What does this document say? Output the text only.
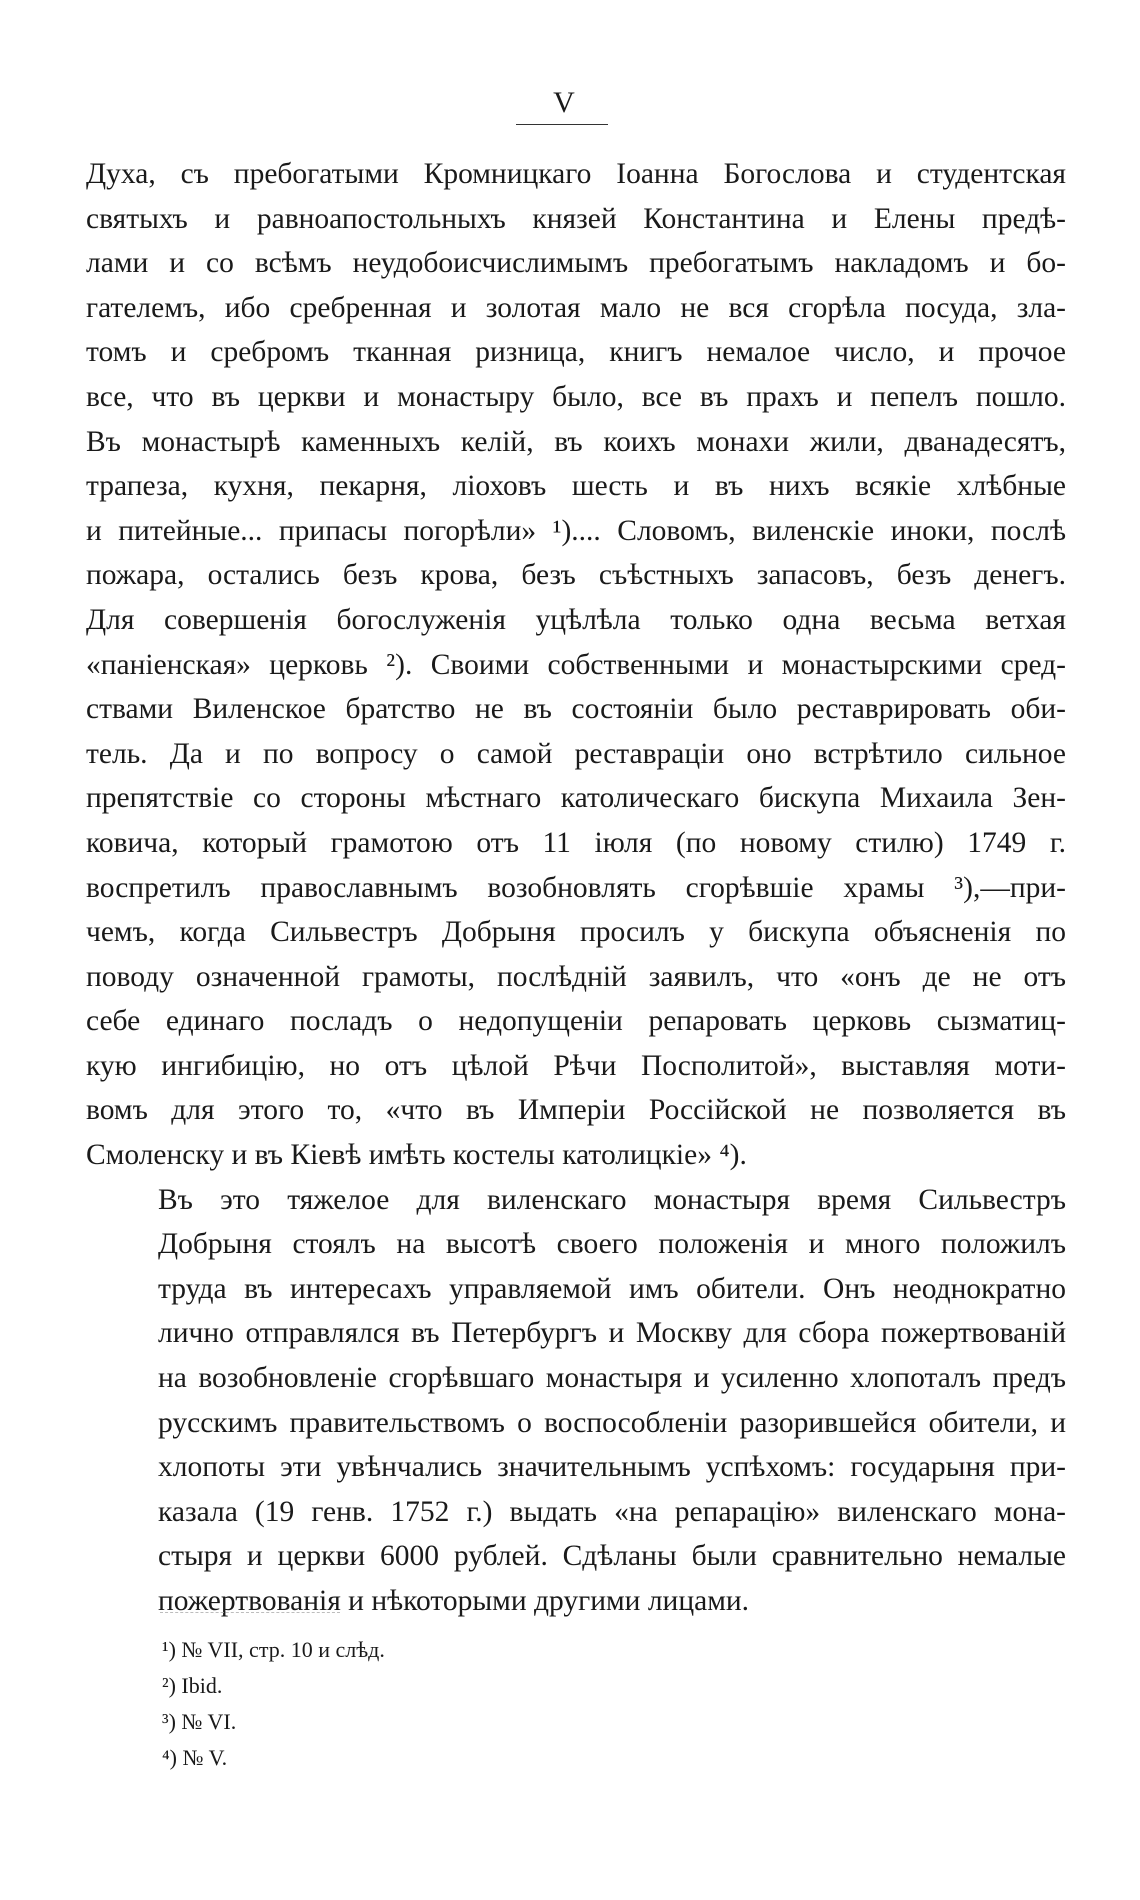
V

Духа, съ пребогатыми Кромницкаго Іоанна Богослова и студентская
святыхъ и равноапостольныхъ князей Константина и Елены предѣ-
лами и со всѣмъ неудобоисчислимымъ пребогатымъ накладомъ и бо-
гателемъ, ибо сребренная и золотая мало не вся сгорѣла посуда, зла-
томъ и сребромъ тканная ризница, книгъ немалое число, и прочое
все, что въ церкви и монастыру было, все въ прахъ и пепелъ пошло.
Въ монастырѣ каменныхъ келій, въ коихъ монахи жили, дванадесятъ,
трапеза, кухня, пекарня, ліоховъ шесть и въ нихъ всякіе хлѣбные
и питейные... припасы погорѣли» ¹).... Словомъ, виленскіе иноки, послѣ
пожара, остались безъ крова, безъ съѣстныхъ запасовъ, безъ денегъ.
Для совершенія богослуженія уцѣлѣла только одна весьма ветхая
«паніенская» церковь ²). Своими собственными и монастырскими сред-
ствами Виленское братство не въ состояніи было реставрировать оби-
тель. Да и по вопросу о самой реставраціи оно встрѣтило сильное
препятствіе со стороны мѣстнаго католическаго бискупа Михаила Зен-
ковича, который грамотою отъ 11 іюля (по новому стилю) 1749 г.
воспретилъ православнымъ возобновлять сгорѣвшіе храмы ³),—при-
чемъ, когда Сильвестръ Добрыня просилъ у бискупа объясненія по
поводу означенной грамоты, послѣдній заявилъ, что «онъ де не отъ
себе единаго посладъ о недопущеніи репаровать церковь сызматиц-
кую ингибицію, но отъ цѣлой Рѣчи Посполитой», выставляя моти-
вомъ для этого то, «что въ Имперіи Россійской не позволяется въ
Смоленску и въ Кіевѣ имѣть костелы католицкіе» ⁴).

Въ это тяжелое для виленскаго монастыря время Сильвестръ
Добрыня стоялъ на высотѣ своего положенія и много положилъ
труда въ интересахъ управляемой имъ обители. Онъ неоднократно
лично отправлялся въ Петербургъ и Москву для сбора пожертвованій
на возобновленіе сгорѣвшаго монастыря и усиленно хлопоталъ предъ
русскимъ правительствомъ о воспособленіи разорившейся обители, и
хлопоты эти увѣнчались значительнымъ успѣхомъ: государыня при-
казала (19 генв. 1752 г.) выдать «на репарацію» виленскаго мона-
стыря и церкви 6000 рублей. Сдѣланы были сравнительно немалые
пожертвованія и нѣкоторыми другими лицами.

¹) № VII, стр. 10 и слѣд.
²) Ibid.
³) № VI.
⁴) № V.
